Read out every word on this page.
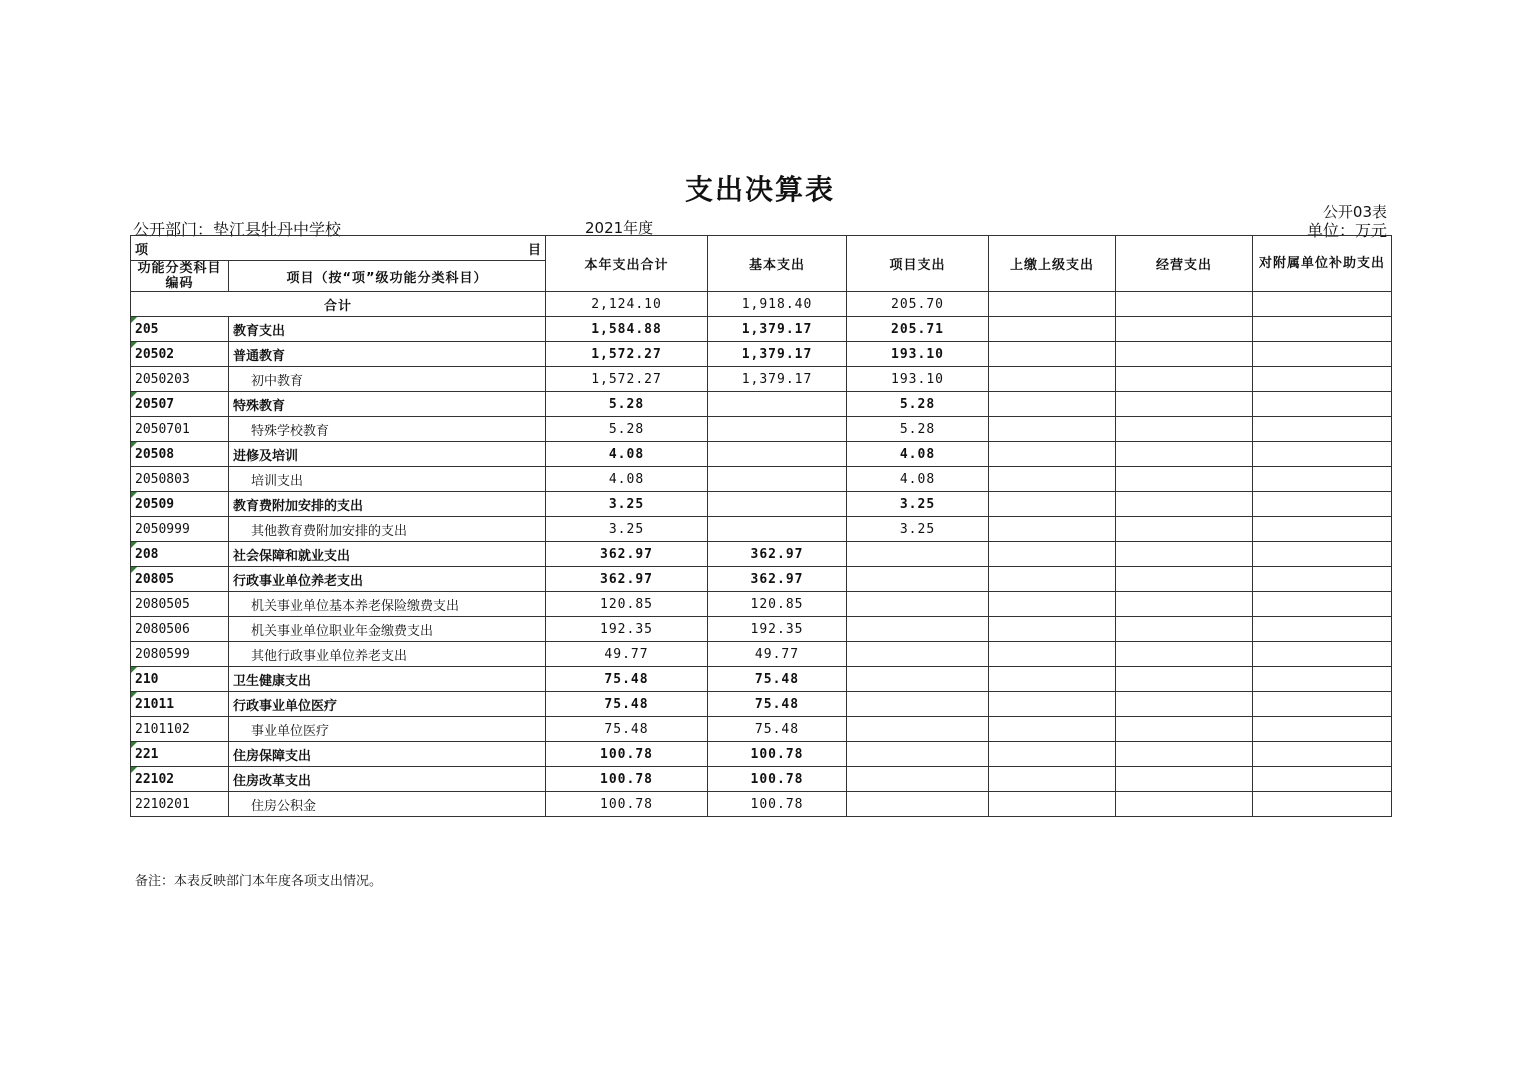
支出决算表
公开部门：垫江县牡丹中学校	2021年度
公开03表
单位：万元
项 目		本年支出合计	基本支出	项目支出	上缴上级支出	经营支出	对附属单位补助支出
功能分类科目编码	项目（按“项”级功能分类科目）						
合计		2,124.10	1,918.40	205.70			
205	教育支出	1,584.88	1,379.17	205.71			
20502	普通教育	1,572.27	1,379.17	193.10			
2050203	初中教育	1,572.27	1,379.17	193.10			
20507	特殊教育	5.28		5.28			
2050701	特殊学校教育	5.28		5.28			
20508	进修及培训	4.08		4.08			
2050803	培训支出	4.08		4.08			
20509	教育费附加安排的支出	3.25		3.25			
2050999	其他教育费附加安排的支出	3.25		3.25			
208	社会保障和就业支出	362.97	362.97				
20805	行政事业单位养老支出	362.97	362.97				
2080505	机关事业单位基本养老保险缴费支出	120.85	120.85				
2080506	机关事业单位职业年金缴费支出	192.35	192.35				
2080599	其他行政事业单位养老支出	49.77	49.77				
210	卫生健康支出	75.48	75.48				
21011	行政事业单位医疗	75.48	75.48				
2101102	事业单位医疗	75.48	75.48				
221	住房保障支出	100.78	100.78				
22102	住房改革支出	100.78	100.78				
2210201	住房公积金	100.78	100.78				
备注：本表反映部门本年度各项支出情况。
